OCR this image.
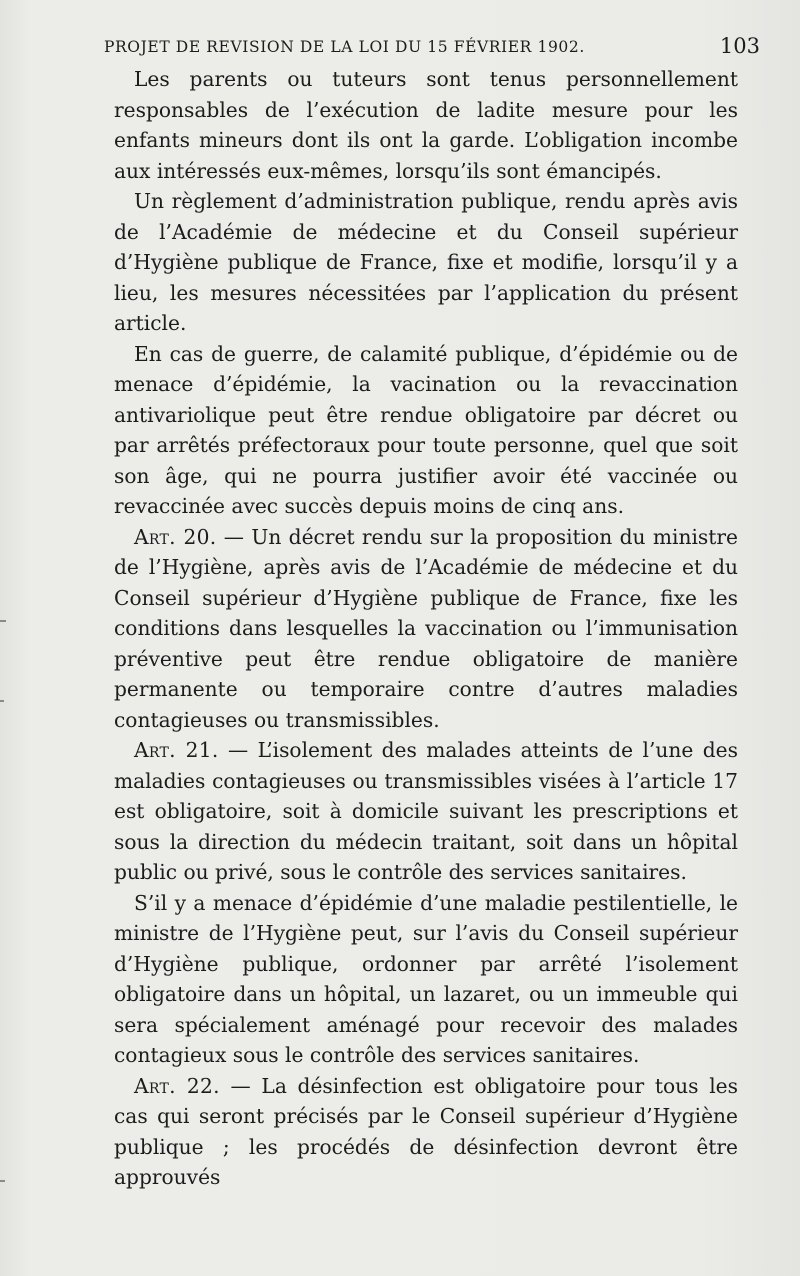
PROJET DE REVISION DE LA LOI DU 15 FÉVRIER 1902.	103

Les parents ou tuteurs sont tenus personnellement responsables de l’exécution de ladite mesure pour les enfants mineurs dont ils ont la garde. L’obligation incombe aux intéressés eux-mêmes, lorsqu’ils sont émancipés.

Un règlement d’administration publique, rendu après avis de l’Académie de médecine et du Conseil supérieur d’Hygiène publique de France, fixe et modifie, lorsqu’il y a lieu, les mesures nécessitées par l’application du présent article.

En cas de guerre, de calamité publique, d’épidémie ou de menace d’épidémie, la vacination ou la revaccination antivariolique peut être rendue obligatoire par décret ou par arrêtés préfectoraux pour toute personne, quel que soit son âge, qui ne pourra justifier avoir été vaccinée ou revaccinée avec succès depuis moins de cinq ans.

Art. 20. — Un décret rendu sur la proposition du ministre de l’Hygiène, après avis de l’Académie de médecine et du Conseil supérieur d’Hygiène publique de France, fixe les conditions dans lesquelles la vaccination ou l’immunisation préventive peut être rendue obligatoire de manière permanente ou temporaire contre d’autres maladies contagieuses ou transmissibles.

Art. 21. — L’isolement des malades atteints de l’une des maladies contagieuses ou transmissibles visées à l’article 17 est obligatoire, soit à domicile suivant les prescriptions et sous la direction du médecin traitant, soit dans un hôpital public ou privé, sous le contrôle des services sanitaires.

S’il y a menace d’épidémie d’une maladie pestilentielle, le ministre de l’Hygiène peut, sur l’avis du Conseil supérieur d’Hygiène publique, ordonner par arrêté l’isolement obligatoire dans un hôpital, un lazaret, ou un immeuble qui sera spécialement aménagé pour recevoir des malades contagieux sous le contrôle des services sanitaires.

Art. 22. — La désinfection est obligatoire pour tous les cas qui seront précisés par le Conseil supérieur d’Hygiène publique ; les procédés de désinfection devront être approuvés
